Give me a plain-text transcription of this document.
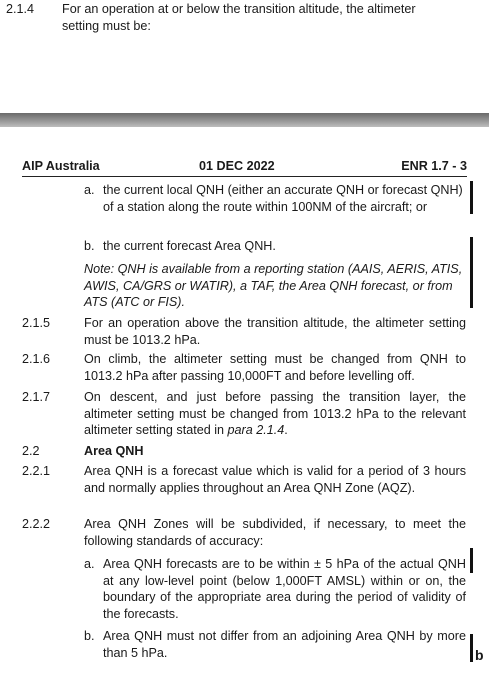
2.1.4	For an operation at or below the transition altitude, the altimeter setting must be:
AIP Australia	01 DEC 2022	ENR 1.7 - 3
a. the current local QNH (either an accurate QNH or forecast QNH) of a station along the route within 100NM of the aircraft; or
b. the current forecast Area QNH.
Note: QNH is available from a reporting station (AAIS, AERIS, ATIS, AWIS, CA/GRS or WATIR), a TAF, the Area QNH forecast, or from ATS (ATC or FIS).
2.1.5	For an operation above the transition altitude, the altimeter setting must be 1013.2 hPa.
2.1.6	On climb, the altimeter setting must be changed from QNH to 1013.2 hPa after passing 10,000FT and before levelling off.
2.1.7	On descent, and just before passing the transition layer, the altimeter setting must be changed from 1013.2 hPa to the relevant altimeter setting stated in para 2.1.4.
2.2	Area QNH
2.2.1	Area QNH is a forecast value which is valid for a period of 3 hours and normally applies throughout an Area QNH Zone (AQZ).
2.2.2	Area QNH Zones will be subdivided, if necessary, to meet the following standards of accuracy:
a. Area QNH forecasts are to be within ± 5 hPa of the actual QNH at any low-level point (below 1,000FT AMSL) within or on, the boundary of the appropriate area during the period of validity of the forecasts.
b. Area QNH must not differ from an adjoining Area QNH by more than 5 hPa.	b
